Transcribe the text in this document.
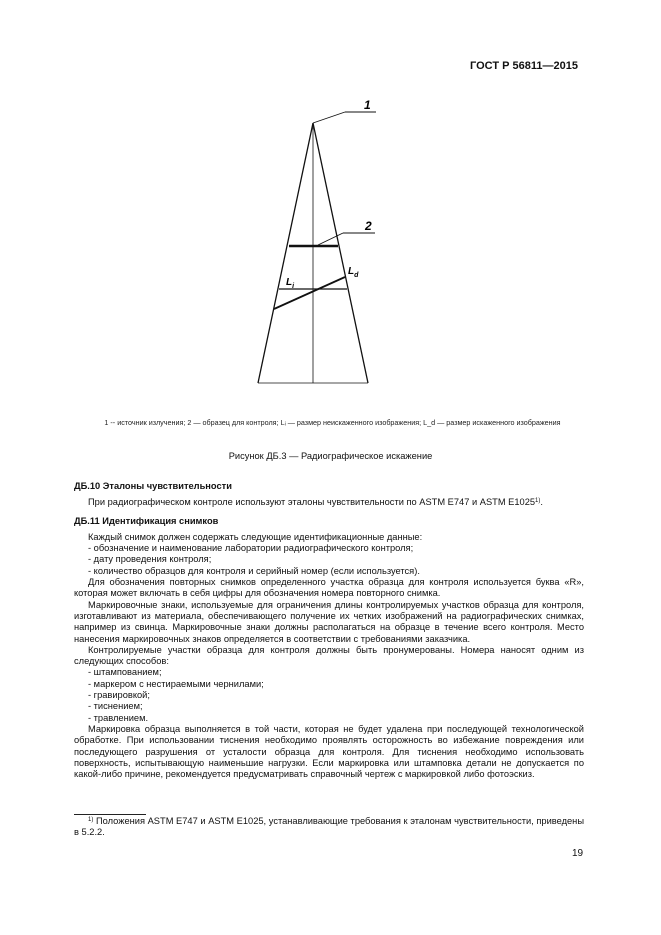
ГОСТ Р 56811—2015
1
2
$L_i$
$L_d$
1 -- источник излучения; 2 — образец для контроля; Lᵢ — размер неискаженного изображения; L_d — размер искаженного изображения
Рисунок ДБ.3 — Радиографическое искажение

ДБ.10 Эталоны чувствительности

При радиографическом контроле используют эталоны чувствительности по ASTM E747 и ASTM E1025$^{1)}$.

ДБ.11 Идентификация снимков

Каждый снимок должен содержать следующие идентификационные данные:

- обозначение и наименование лаборатории радиографического контроля;

- дату проведения контроля;

- количество образцов для контроля и серийный номер (если используется).

Для обозначения повторных снимков определенного участка образца для контроля используется буква «R», которая может включать в себя цифры для обозначения номера повторного снимка.

Маркировочные знаки, используемые для ограничения длины контролируемых участков образца для контроля, изготавливают из материала, обеспечивающего получение их четких изображений на радиографических снимках, например из свинца. Маркировочные знаки должны располагаться на образце в течение всего контроля. Место нанесения маркировочных знаков определяется в соответствии с требованиями заказчика.

Контролируемые участки образца для контроля должны быть пронумерованы. Номера наносят одним из следующих способов:

- штампованием;

- маркером с нестираемыми чернилами;

- гравировкой;

- тиснением;

- травлением.

Маркировка образца выполняется в той части, которая не будет удалена при последующей технологической обработке. При использовании тиснения необходимо проявлять осторожность во избежание повреждения или последующего разрушения от усталости образца для контроля. Для тиснения необходимо использовать поверхность, испытывающую наименьшие нагрузки. Если маркировка или штамповка детали не допускается по какой-либо причине, рекомендуется предусматривать справочный чертеж с маркировкой либо фотоэскиз.

$^{1)}$ Положения ASTM E747 и ASTM E1025, устанавливающие требования к эталонам чувствительности, приведены в 5.2.2.

19
